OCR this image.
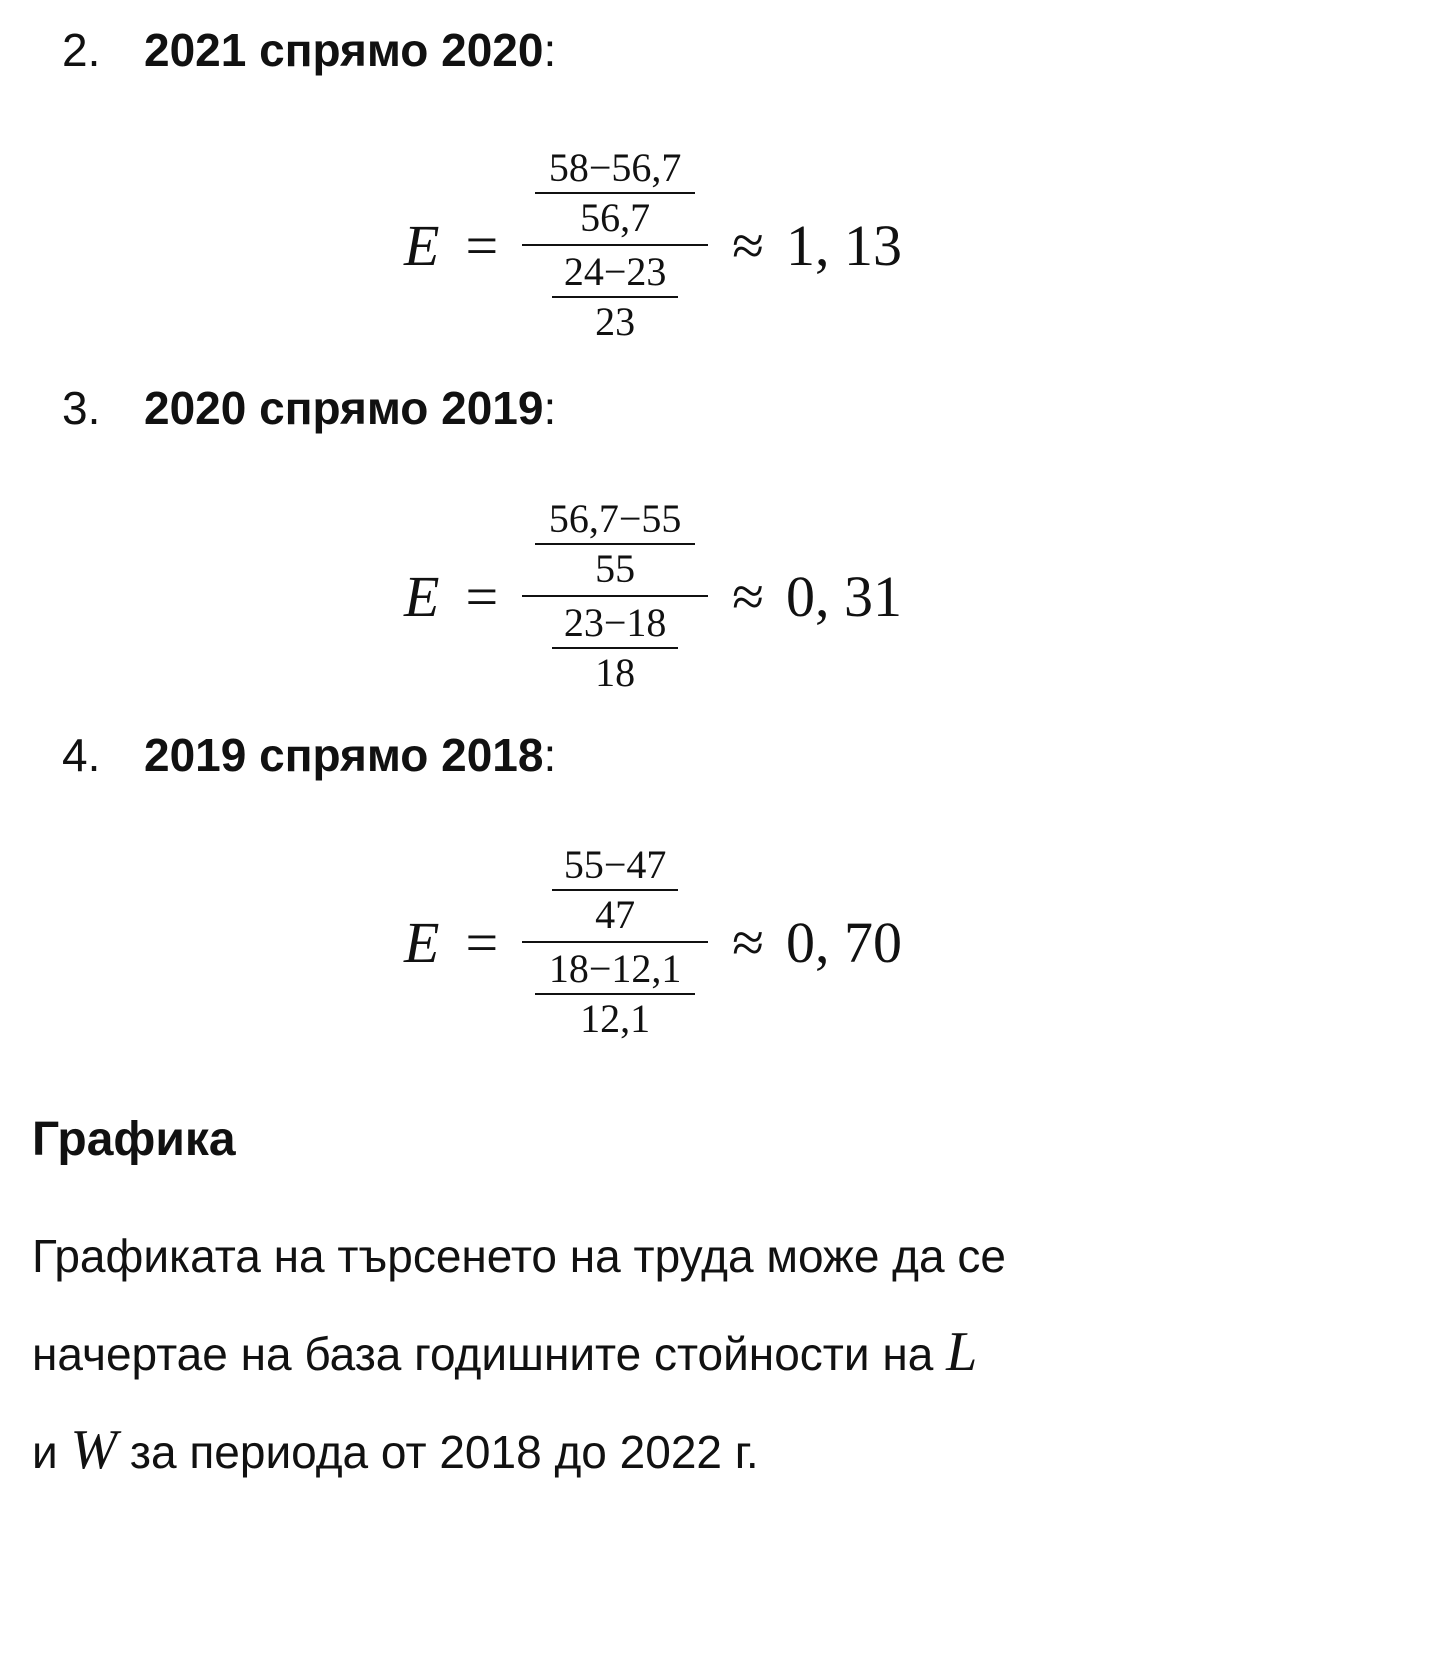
2. 2021 спрямо 2020:
$E = \frac{\frac{58-56,7}{56,7}}{\frac{24-23}{23}} \approx 1$, 13
3. 2020 спрямо 2019:
$E = \frac{\frac{56,7-55}{55}}{\frac{23-18}{18}} \approx 0$, 31
4. 2019 спрямо 2018:
$E = \frac{\frac{55-47}{47}}{\frac{18-12,1}{12,1}} \approx 0$, 70
Графика
Графиката на търсенето на труда може да се
начертае на база годишните стойности на L
и W за периода от 2018 до 2022 г.
